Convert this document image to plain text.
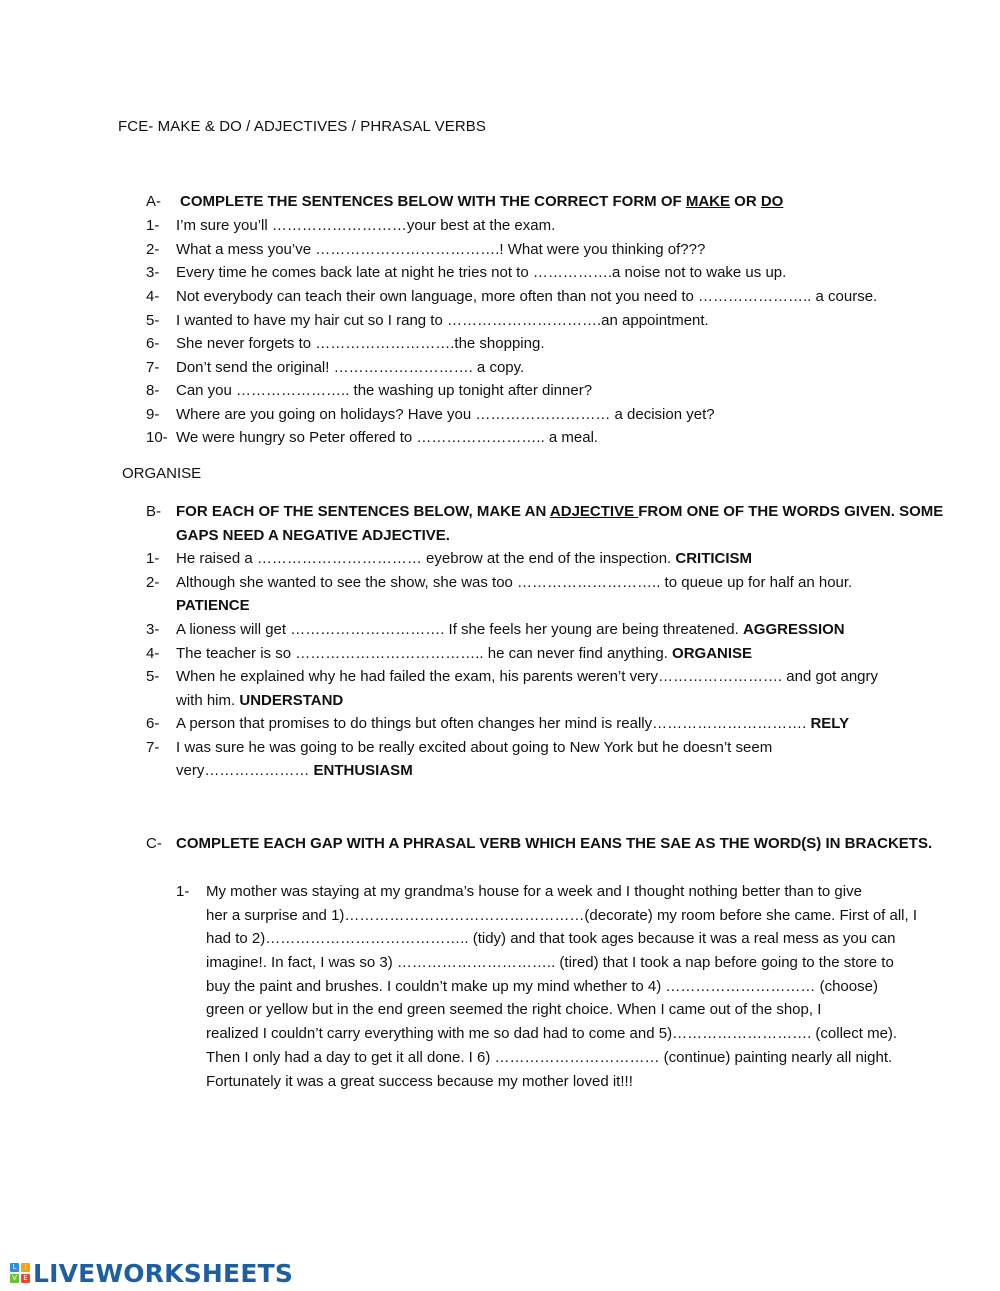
FCE- MAKE & DO / ADJECTIVES / PHRASAL VERBS
A- COMPLETE THE SENTENCES BELOW WITH THE CORRECT FORM OF MAKE OR DO
1- I’m sure you’ll ………………………your best at the exam.
2- What a mess you’ve ……………………………….! What were you thinking of???
3- Every time he comes back late at night he tries not to …………….a noise not to wake us up.
4- Not everybody can teach their own language, more often than not you need to ………………….. a course.
5- I wanted to have my hair cut so I rang to ………………………….an appointment.
6- She never forgets to ……………………….the shopping.
7- Don’t send the original! ………………………. a copy.
8- Can you ………………….. the washing up tonight after dinner?
9- Where are you going on holidays? Have you ……………………… a decision yet?
10- We were hungry so Peter offered to …………………….. a meal.
ORGANISE
B- FOR EACH OF THE SENTENCES BELOW, MAKE AN ADJECTIVE FROM ONE OF THE WORDS GIVEN. SOME
GAPS NEED A NEGATIVE ADJECTIVE.
1- He raised a …………………………… eyebrow at the end of the inspection. CRITICISM
2- Although she wanted to see the show, she was too ……………………….. to queue up for half an hour.
PATIENCE
3- A lioness will get …………………………. If she feels her young are being threatened. AGGRESSION
4- The teacher is so ……………………………….. he can never find anything. ORGANISE
5- When he explained why he had failed the exam, his parents weren’t very……………………. and got angry
with him. UNDERSTAND
6- A person that promises to do things but often changes her mind is really…………………………. RELY
7- I was sure he was going to be really excited about going to New York but he doesn’t seem
very………………… ENTHUSIASM
C- COMPLETE EACH GAP WITH A PHRASAL VERB WHICH EANS THE SAE AS THE WORD(S) IN BRACKETS.
1- My mother was staying at my grandma’s house for a week and I thought nothing better than to give
her a surprise and 1)…………………………………………(decorate) my room before she came. First of all, I
had to 2)………………………………….. (tidy) and that took ages because it was a real mess as you can
imagine!. In fact, I was so 3) ………………………….. (tired) that I took a nap before going to the store to
buy the paint and brushes. I couldn’t make up my mind whether to 4) ………………………… (choose)
green or yellow but in the end green seemed the right choice. When I came out of the shop, I
realized I couldn’t carry everything with me so dad had to come and 5)………………………. (collect me).
Then I only had a day to get it all done. I 6) …………………………… (continue) painting nearly all night.
Fortunately it was a great success because my mother loved it!!!
L	I
V E LIVEWORKSHEETS
